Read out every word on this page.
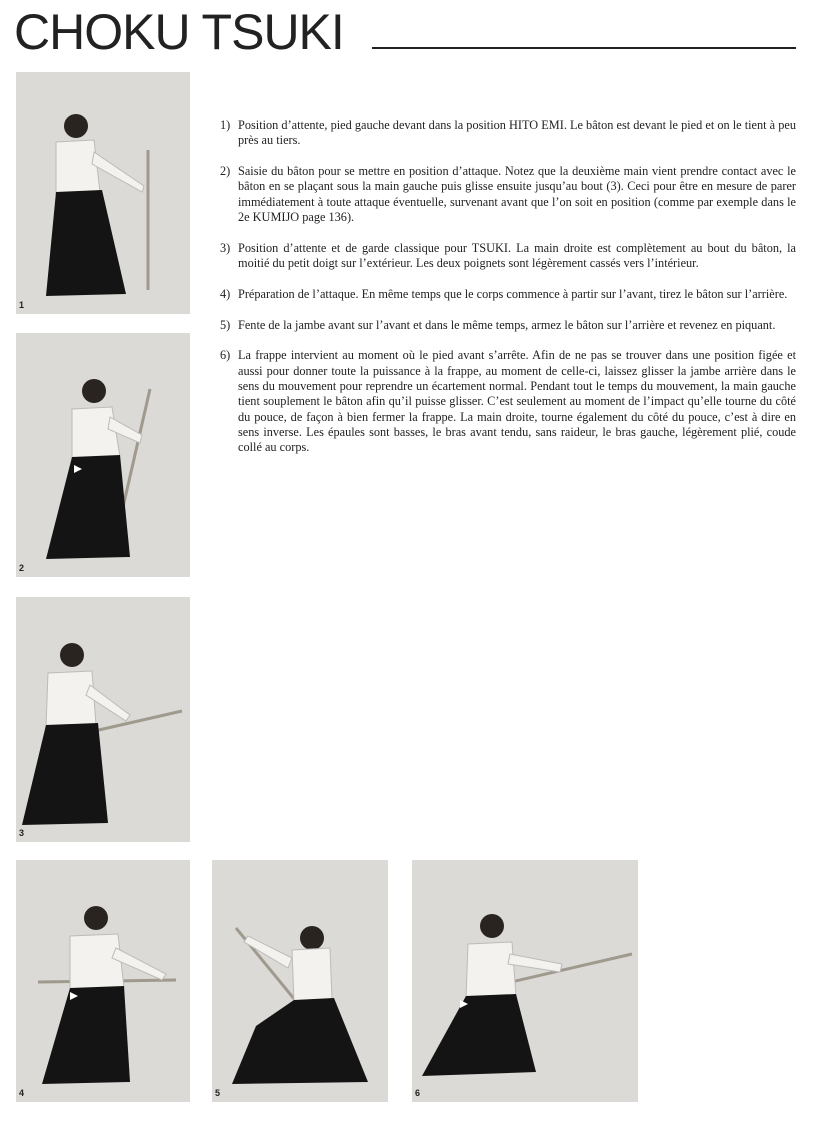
CHOKU TSUKI
1
2
3
4	5	6
1) Position d’attente, pied gauche devant dans la position HITO EMI. Le bâton est devant le pied et on le tient à peu près au tiers.
2) Saisie du bâton pour se mettre en position d’attaque. Notez que la deuxième main vient prendre contact avec le bâton en se plaçant sous la main gauche puis glisse ensuite jusqu’au bout (3). Ceci pour être en mesure de parer immédiatement à toute attaque éventuelle, survenant avant que l’on soit en position (comme par exemple dans le 2e KUMIJO page 136).
3) Position d’attente et de garde classique pour TSUKI. La main droite est complètement au bout du bâton, la moitié du petit doigt sur l’extérieur. Les deux poignets sont légèrement cassés vers l’intérieur.
4) Préparation de l’attaque. En même temps que le corps commence à partir sur l’avant, tirez le bâton sur l’arrière.
5) Fente de la jambe avant sur l’avant et dans le même temps, armez le bâton sur l’arrière et revenez en piquant.
6) La frappe intervient au moment où le pied avant s’arrête. Afin de ne pas se trouver dans une position figée et aussi pour donner toute la puissance à la frappe, au moment de celle-ci, laissez glisser la jambe arrière dans le sens du mouvement pour reprendre un écartement normal. Pendant tout le temps du mouvement, la main gauche tient souplement le bâton afin qu’il puisse glisser. C’est seulement au moment de l’impact qu’elle tourne du côté du pouce, de façon à bien fermer la frappe. La main droite, tourne également du côté du pouce, c’est à dire en sens inverse. Les épaules sont basses, le bras avant tendu, sans raideur, le bras gauche, légèrement plié, coude collé au corps.
